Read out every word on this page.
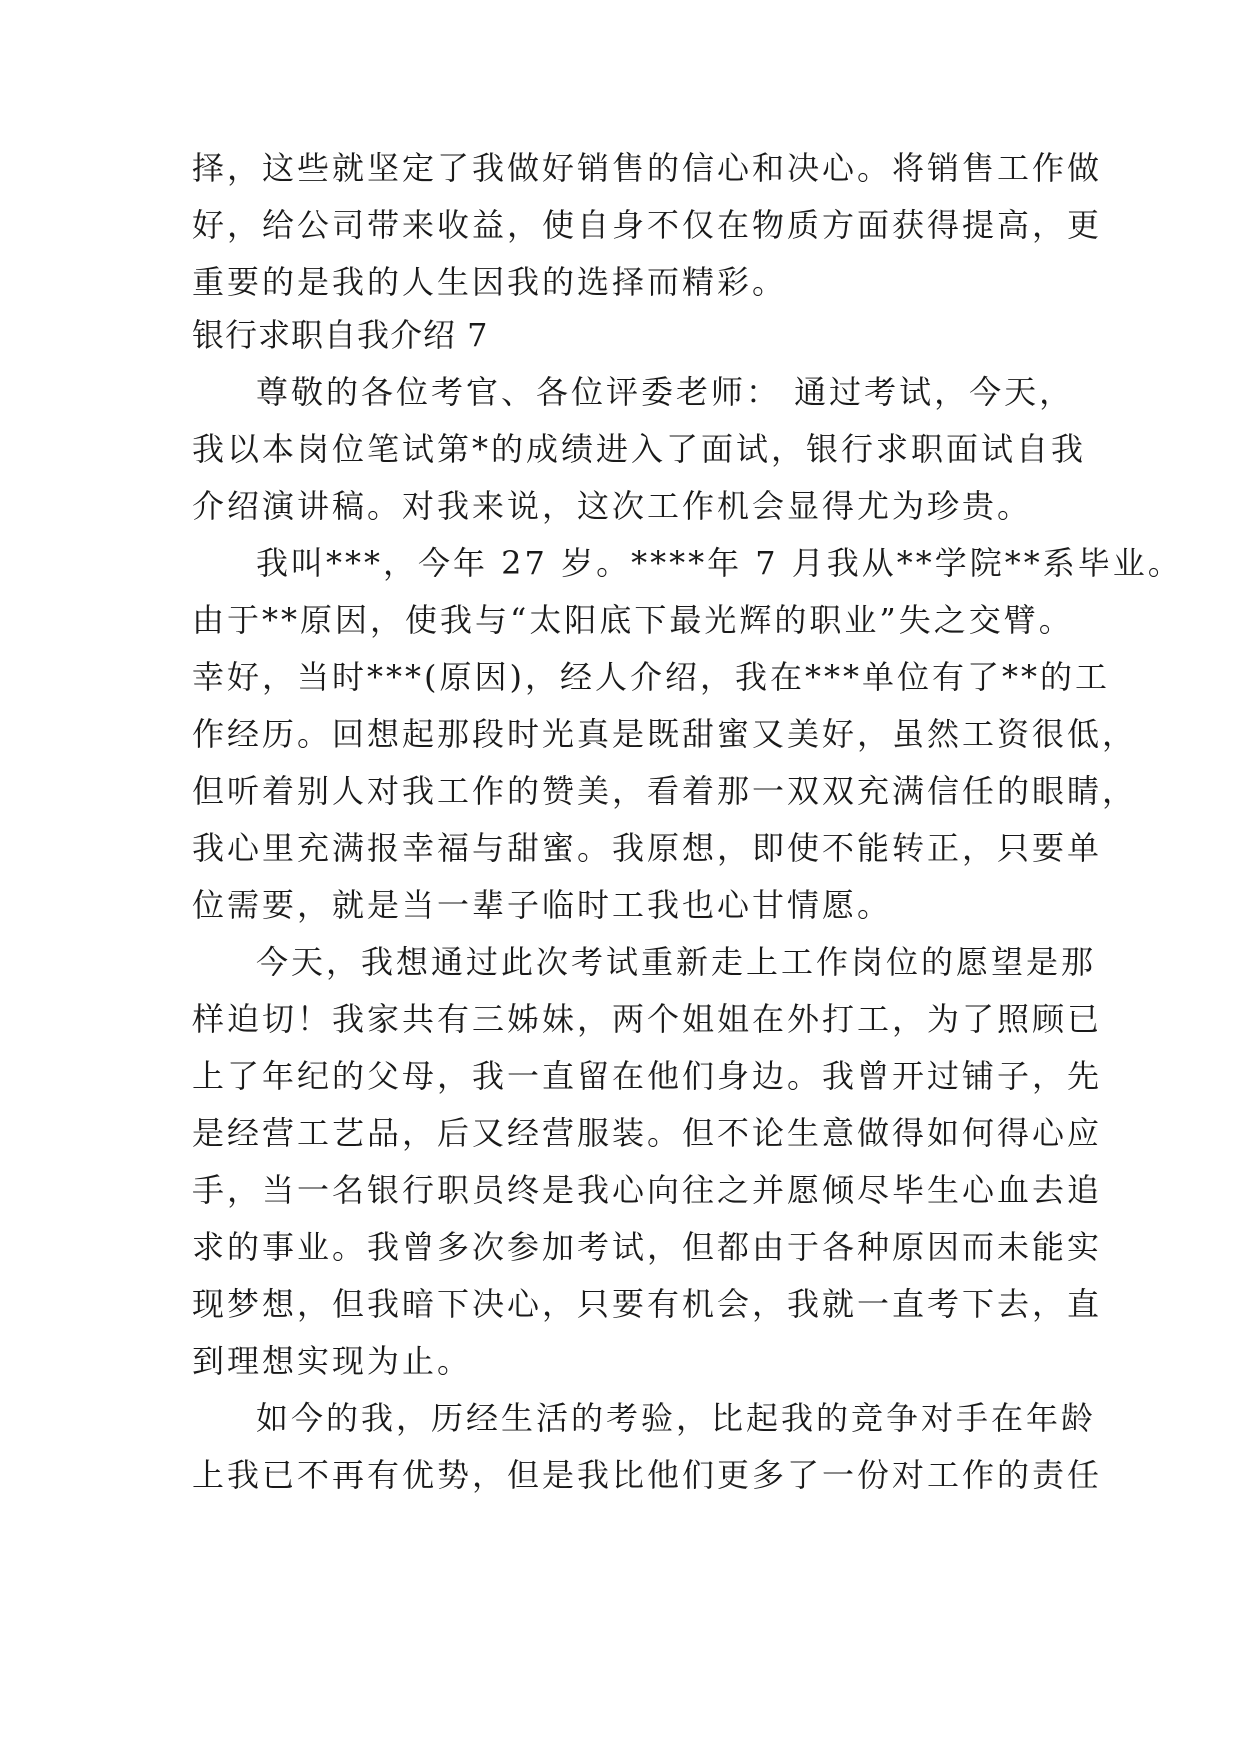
择，这些就坚定了我做好销售的信心和决心。将销售工作做
好，给公司带来收益，使自身不仅在物质方面获得提高，更
重要的是我的人生因我的选择而精彩。
银行求职自我介绍 7
尊敬的各位考官、各位评委老师： 通过考试，今天，
我以本岗位笔试第*的成绩进入了面试，银行求职面试自我
介绍演讲稿。对我来说，这次工作机会显得尤为珍贵。
我叫***，今年 27 岁。****年 7 月我从**学院**系毕业。
由于**原因，使我与“太阳底下最光辉的职业”失之交臂。
幸好，当时***(原因)，经人介绍，我在***单位有了**的工
作经历。回想起那段时光真是既甜蜜又美好，虽然工资很低，
但听着别人对我工作的赞美，看着那一双双充满信任的眼睛，
我心里充满报幸福与甜蜜。我原想，即使不能转正，只要单
位需要，就是当一辈子临时工我也心甘情愿。
今天，我想通过此次考试重新走上工作岗位的愿望是那
样迫切！我家共有三姊妹，两个姐姐在外打工，为了照顾已
上了年纪的父母，我一直留在他们身边。我曾开过铺子，先
是经营工艺品，后又经营服装。但不论生意做得如何得心应
手，当一名银行职员终是我心向往之并愿倾尽毕生心血去追
求的事业。我曾多次参加考试，但都由于各种原因而未能实
现梦想，但我暗下决心，只要有机会，我就一直考下去，直
到理想实现为止。
如今的我，历经生活的考验，比起我的竞争对手在年龄
上我已不再有优势，但是我比他们更多了一份对工作的责任
